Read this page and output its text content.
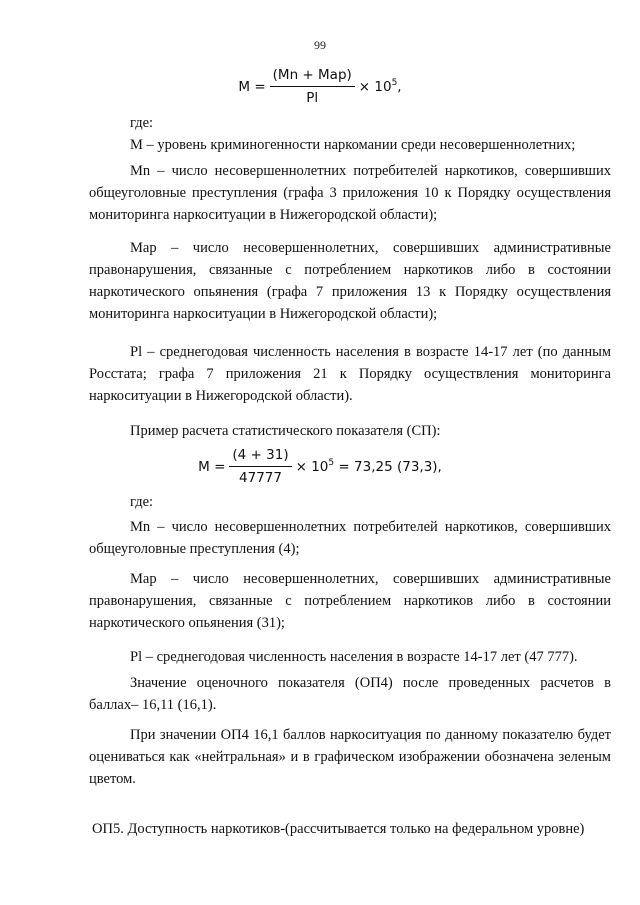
99
$M = \frac{\text{(Mn + Map)}}{Pl} \times 10^5$,

где:

M – уровень криминогенности наркомании среди несовершеннолетних;

Mn – число несовершеннолетних потребителей наркотиков, совершивших общеуголовные преступления (графа 3 приложения 10 к Порядку осуществления мониторинга наркоситуации в Нижегородской области);

Map – число несовершеннолетних, совершивших административные правонарушения, связанные с потреблением наркотиков либо в состоянии наркотического опьянения (графа 7 приложения 13 к Порядку осуществления мониторинга наркоситуации в Нижегородской области);

Pl – среднегодовая численность населения в возрасте 14-17 лет (по данным Росстата; графа 7 приложения 21 к Порядку осуществления мониторинга наркоситуации в Нижегородской области).

Пример расчета статистического показателя (СП):

$M = \frac{(4 + 31)}{47777} \times 10^5 = 73,25$ (73,3),

где:

Mn – число несовершеннолетних потребителей наркотиков, совершивших общеуголовные преступления (4);

Map – число несовершеннолетних, совершивших административные правонарушения, связанные с потреблением наркотиков либо в состоянии наркотического опьянения (31);

Pl – среднегодовая численность населения в возрасте 14-17 лет (47 777).

Значение оценочного показателя (ОП4) после проведенных расчетов в баллах– 16,11 (16,1).

При значении ОП4 16,1 баллов наркоситуация по данному показателю будет оцениваться как «нейтральная» и в графическом изображении обозначена зеленым цветом.

ОП5. Доступность наркотиков-(рассчитывается только на федеральном уровне)
